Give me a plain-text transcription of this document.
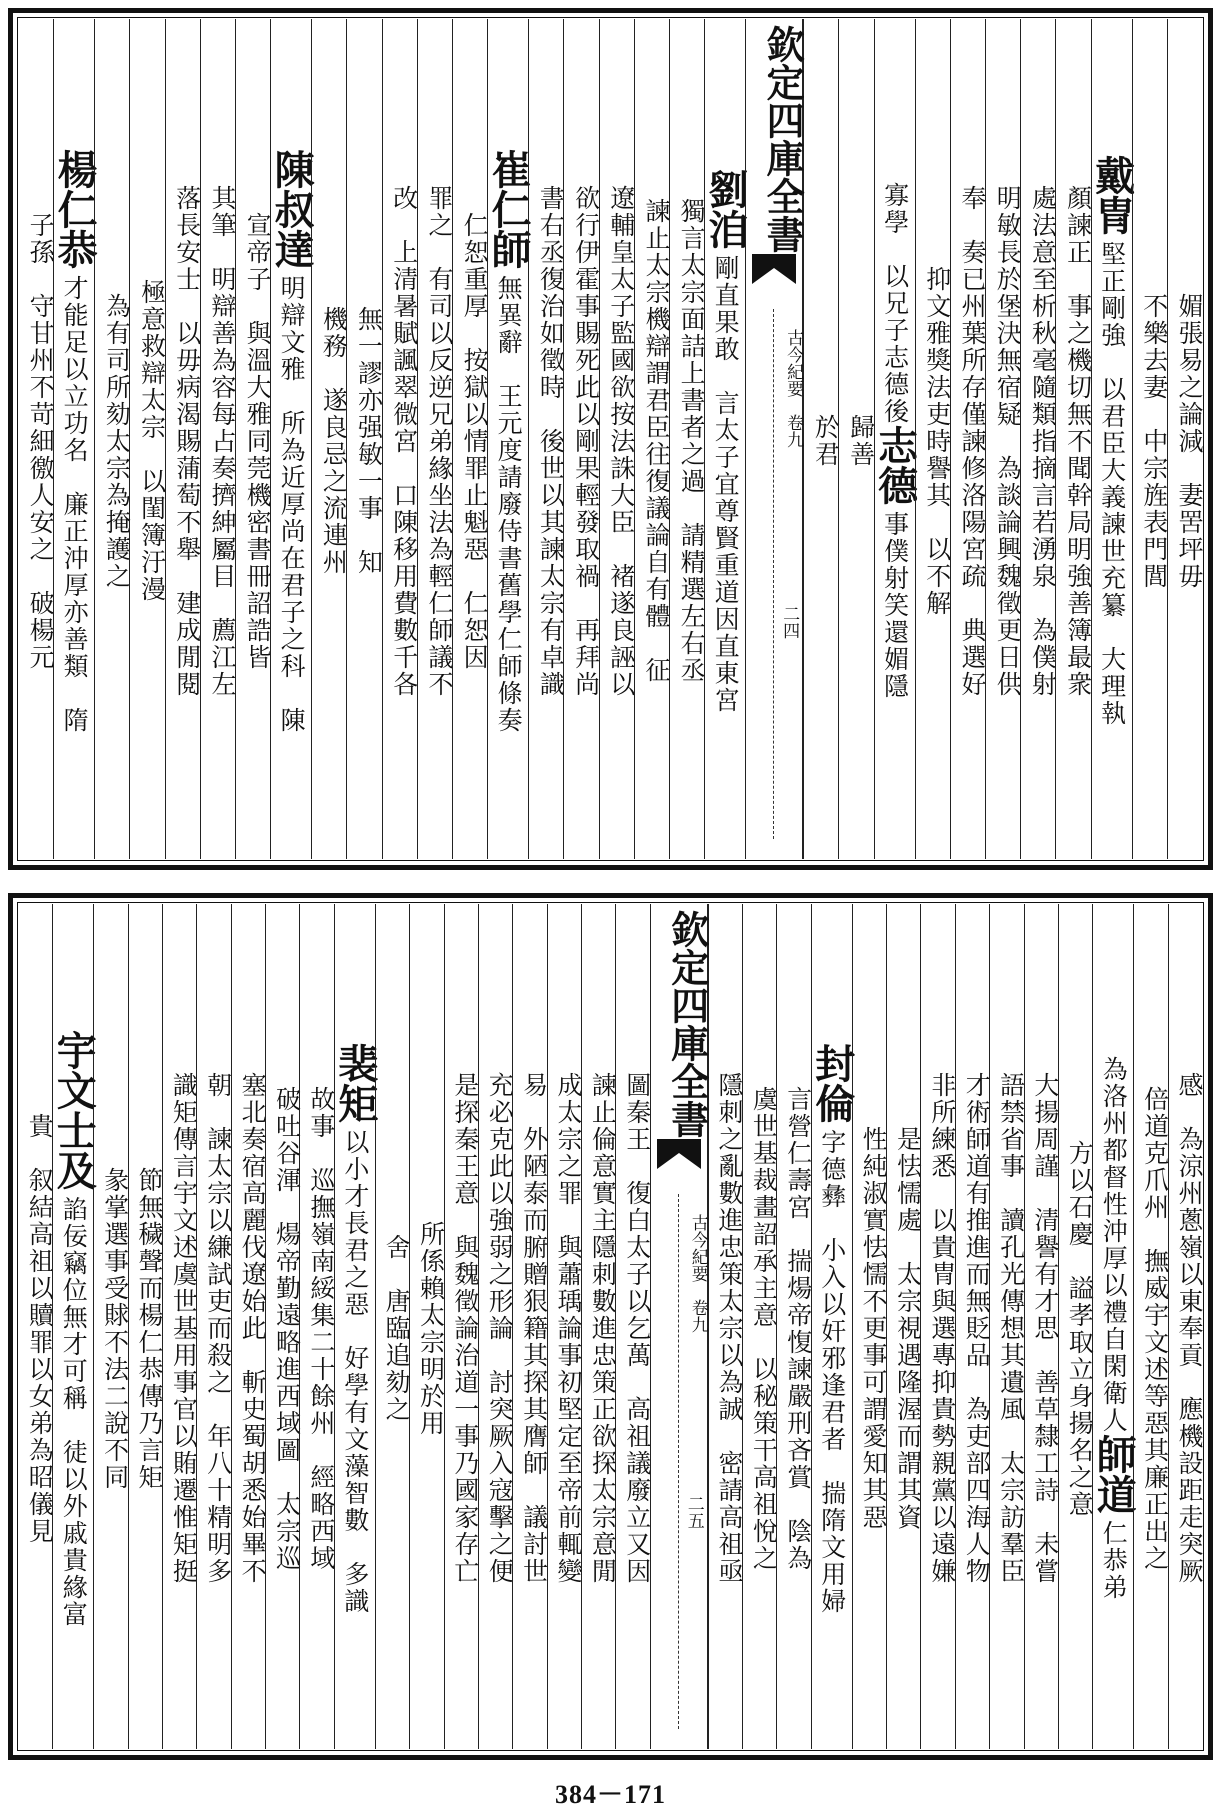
媚張易之論減　妻罟坪毋
不樂去妻　中宗旌表門閭
戴冑堅正剛強　以君臣大義諫世充纂　大理執
顏諫正　事之機切無不聞幹局明強善簿最衆
處法意至析秋毫隨類指摘言若湧泉　為僕射
明敏長於堡決無宿疑　為談論興魏徵更日供
奉　奏已州葉所存僅諫修洛陽宮疏　典選好
抑文雅獎法吏時譽其　以不解
寡學　以兄子志德後志德事僕射笑還媚隱
歸善
於君
欽定四庫全書
古今紀要　卷九
二四
劉洎剛直果敢　言太子宜尊賢重道因直東宮
獨言太宗面詰上書者之過　請精選左右丞
諫止太宗機辯謂君臣往復議論自有體　征
遼輔皇太子監國欲按法誅大臣　褚遂良誣以
欲行伊霍事賜死此以剛果輕發取禍　再拜尚
書右丞復治如徵時　後世以其諫太宗有卓識
崔仁師無異辭　王元度請廢侍書舊學仁師條奏
仁恕重厚　按獄以情罪止魁惡　仁恕因
罪之　有司以反逆兄弟緣坐法為輕仁師議不
改　上清暑賦諷翠微宮　口陳移用費數千各
無一謬亦强敏一事　知
機務　遂良忌之流連州
陳叔達明辯文雅　所為近厚尚在君子之科　陳
宣帝子　與溫大雅同莞機密書冊詔誥皆
其筆　明辯善為容每占奏擠紳屬目　薦江左
落長安士　以毋病渴賜蒲萄不舉　建成閒閱
極意救辯太宗　以閨簿汙漫
為有司所劾太宗為掩護之
楊仁恭才能足以立功名　廉正沖厚亦善類　隋
子孫　守甘州不苛細徼人安之　破楊元
感　為涼州蔥嶺以東奉貢　應機設距走突厥
倍道克爪州　撫威宇文述等惡其廉正出之
為洛州都督性沖厚以禮自閑衛人師道仁恭弟
方以石慶　謚孝取立身揚名之意
大揚周謹　清譽有才思　善草隸工詩　未嘗
語禁省事　讀孔光傳想其遺風　太宗訪羣臣
才術師道有推進而無貶品　為吏部四海人物
非所練悉　以貴冑與選專抑貴勢親黨以遠嫌
是怯懦處　太宗視遇隆渥而謂其資
性純淑實怯懦不更事可謂愛知其惡
封倫字德彝　小入以奸邪逢君者　揣隋文用婦
言營仁壽宮　揣煬帝愎諫嚴刑吝賞　陰為
虞世基裁畫詔承主意　以秘策干高祖悅之
隱刺之亂數進忠策太宗以為誠　密請高祖亟
欽定四庫全書
古今紀要　卷九
二五
圖秦王　復白太子以乞萬　高祖議廢立又因
諫止倫意實主隱刺數進忠策正欲探太宗意閒
成太宗之罪　與蕭瑀論事初堅定至帝前輒變
易　外陋泰而腑贈狠籍其探其膺師　議討世
充必克此以強弱之形論　討突厥入寇擊之便
是探秦王意　與魏徵論治道一事乃國家存亡
所係賴太宗明於用
舍　唐臨追劾之
裴矩以小才長君之惡　好學有文藻智數　多識
故事　巡撫嶺南綏集二十餘州　經略西域
破吐谷渾　煬帝勤遠略進西域圖　太宗巡
塞北奏宿高麗伐遼始此　斬史蜀胡悉始畢不
朝　諫太宗以縑試吏而殺之　年八十精明多
識矩傳言宇文述虞世基用事官以賄遷惟矩挺
節無穢聲而楊仁恭傳乃言矩
彖掌選事受賕不法二說不同
宇文士及諂佞竊位無才可稱　徒以外戚貴緣富
貴　叙結高祖以贖罪以女弟為昭儀見
384－171
